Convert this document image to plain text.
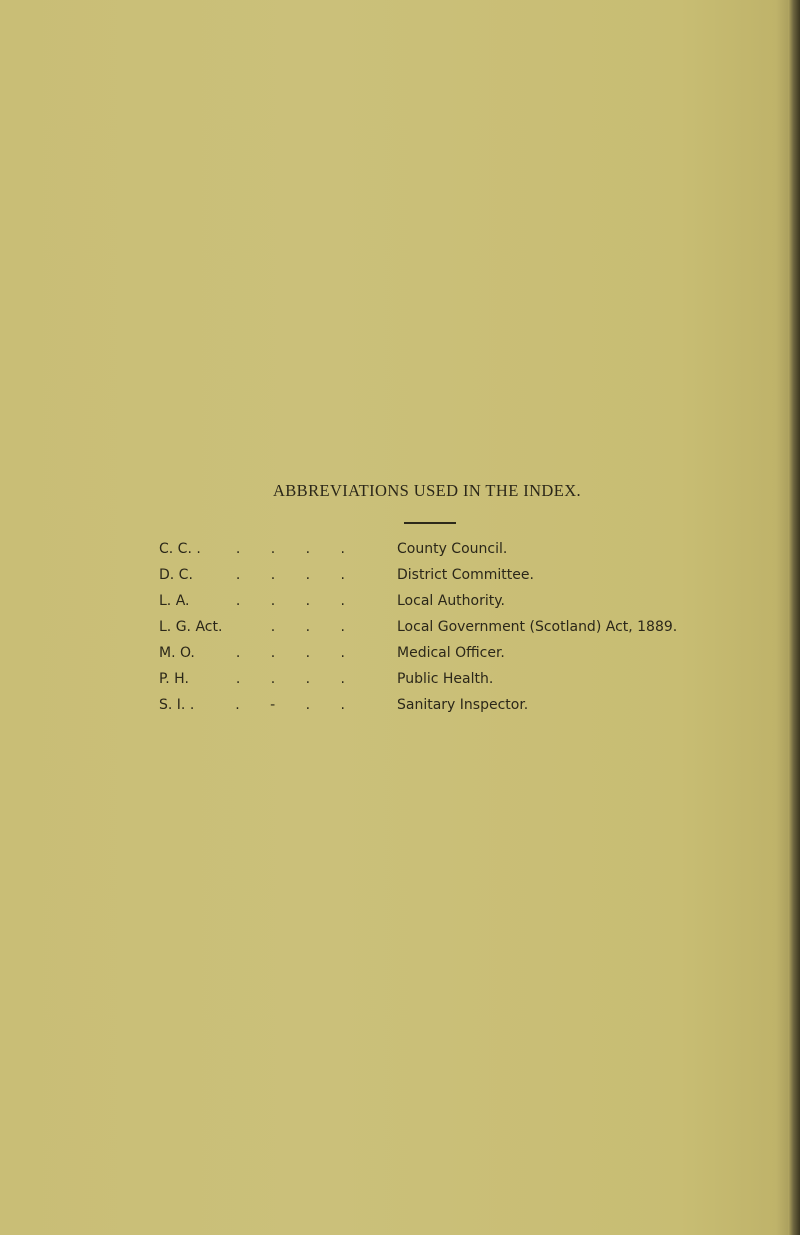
ABBREVIATIONS USED IN THE INDEX.
C. C. .	. . . .	County Council.
D. C.	. . . .	District Committee.
L. A.	. . . .	Local Authority.
L. G. Act.	. . .	Local Government (Scotland) Act, 1889.
M. O.	. . . .	Medical Officer.
P. H.	. . . .	Public Health.
S. I. .	. - . .	Sanitary Inspector.
